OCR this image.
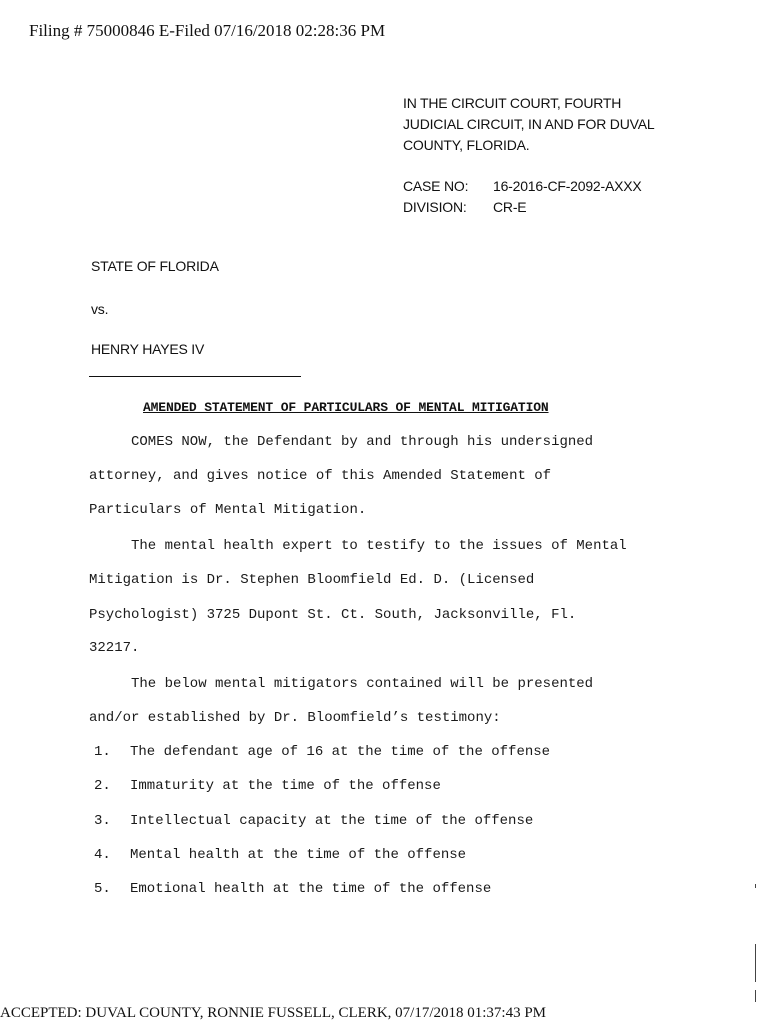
Filing # 75000846 E-Filed 07/16/2018 02:28:36 PM
IN THE CIRCUIT COURT, FOURTH
JUDICIAL CIRCUIT, IN AND FOR DUVAL
COUNTY, FLORIDA.
CASE NO:	16-2016-CF-2092-AXXX
DIVISION:	CR-E
STATE OF FLORIDA
vs.
HENRY HAYES IV
AMENDED STATEMENT OF PARTICULARS OF MENTAL MITIGATION
COMES NOW, the Defendant by and through his undersigned
attorney, and gives notice of this Amended Statement of
Particulars of Mental Mitigation.
The mental health expert to testify to the issues of Mental
Mitigation is Dr. Stephen Bloomfield Ed. D. (Licensed
Psychologist) 3725 Dupont St. Ct. South, Jacksonville, Fl.
32217.
The below mental mitigators contained will be presented
and/or established by Dr. Bloomfield’s testimony:
1.	The defendant age of 16 at the time of the offense
2.	Immaturity at the time of the offense
3.	Intellectual capacity at the time of the offense
4.	Mental health at the time of the offense
5.	Emotional health at the time of the offense
ACCEPTED: DUVAL COUNTY, RONNIE FUSSELL, CLERK, 07/17/2018 01:37:43 PM
